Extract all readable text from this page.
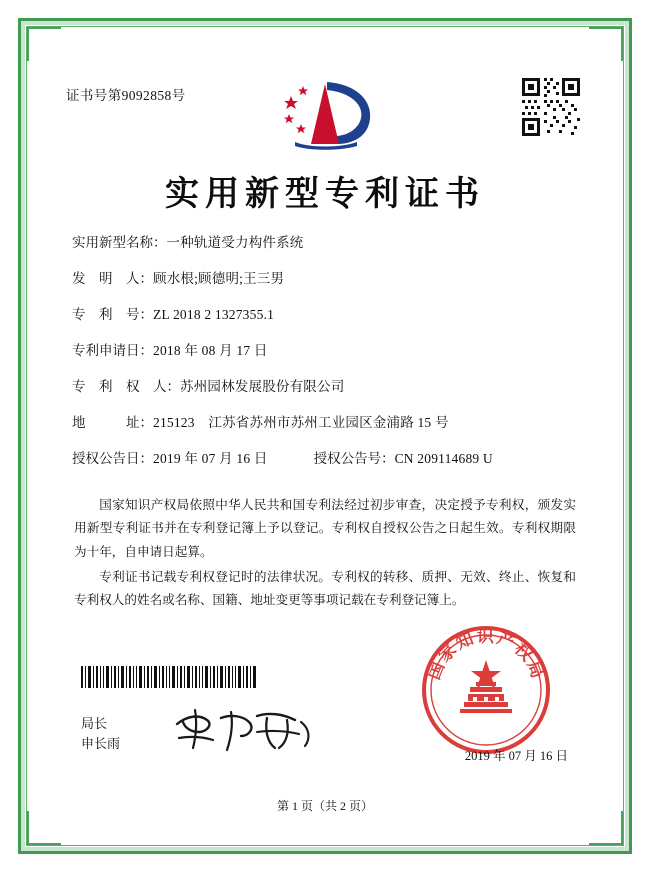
证书号第9092858号
实用新型专利证书
实用新型名称： 一种轨道受力构件系统
发　明　人： 顾水根;顾德明;王三男
专　利　号： ZL 2018 2 1327355.1
专利申请日： 2018 年 08 月 17 日
专　利　权　人： 苏州园林发展股份有限公司
地　　　址： 215123　江苏省苏州市苏州工业园区金浦路 15 号
授权公告日： 2019 年 07 月 16 日	授权公告号： CN 209114689 U

国家知识产权局依照中华人民共和国专利法经过初步审查，决定授予专利权，颁发实用新型专利证书并在专利登记簿上予以登记。专利权自授权公告之日起生效。专利权期限为十年，自申请日起算。

专利证书记载专利权登记时的法律状况。专利权的转移、质押、无效、终止、恢复和专利权人的姓名或名称、国籍、地址变更等事项记载在专利登记簿上。

局长
申长雨
国家知识产权局
2019 年 07 月 16 日
第 1 页（共 2 页）
